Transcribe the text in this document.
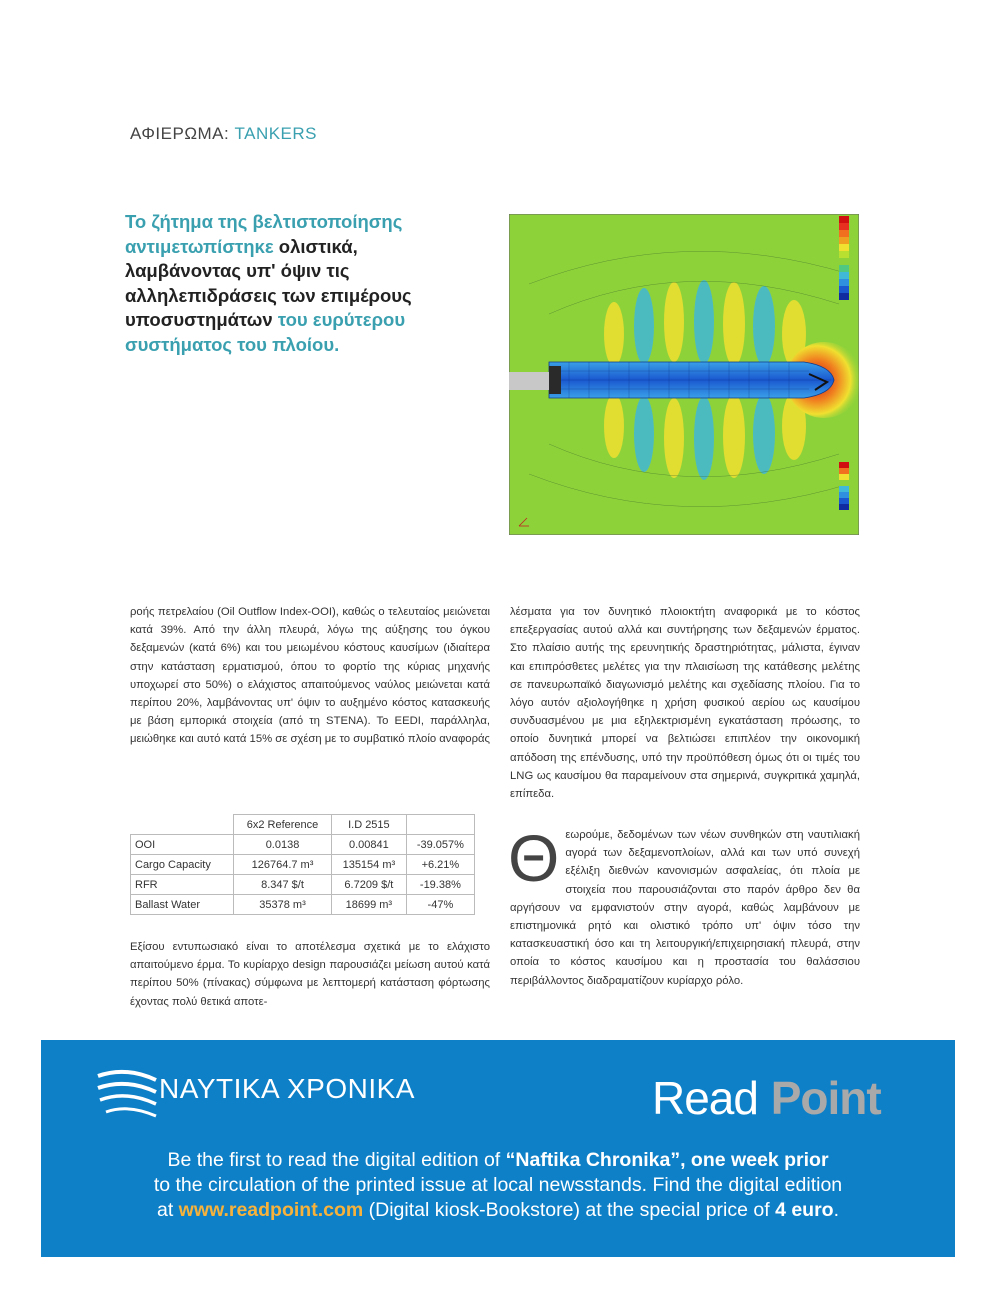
ΑΦΙΕΡΩΜΑ: TANKERS
Το ζήτημα της βελτιστοποίησης αντιμετωπίστηκε ολιστικά, λαμβάνοντας υπ' όψιν τις αλληλεπιδράσεις των επιμέρους υποσυστημάτων του ευρύτερου συστήματος του πλοίου.

ροής πετρελαίου (Oil Outflow Index-OOI), καθώς ο τελευταίος μειώνεται κατά 39%. Από την άλλη πλευρά, λόγω της αύξησης του όγκου δεξαμενών (κατά 6%) και του μειωμένου κόστους καυσίμων (ιδιαίτερα στην κατάσταση ερματισμού, όπου το φορτίο της κύριας μηχανής υποχωρεί στο 50%) ο ελάχιστος απαιτούμενος ναύλος μειώνεται κατά περίπου 20%, λαμβάνοντας υπ' όψιν το αυξημένο κόστος κατασκευής με βάση εμπορικά στοιχεία (από τη STENA). Το EEDI, παράλληλα, μειώθηκε και αυτό κατά 15% σε σχέση με το συμβατικό πλοίο αναφοράς

	6x2 Reference	I.D 2515	
OOI	0.0138	0.00841	-39.057%
Cargo Capacity	126764.7 m³	135154 m³	+6.21%
RFR	8.347 $/t	6.7209 $/t	-19.38%
Ballast Water	35378 m³	18699 m³	-47%

Εξίσου εντυπωσιακό είναι το αποτέλεσμα σχετικά με το ελάχιστο απαιτούμενο έρμα. Το κυρίαρχο design παρουσιάζει μείωση αυτού κατά περίπου 50% (πίνακας) σύμφωνα με λεπτομερή κατάσταση φόρτωσης έχοντας πολύ θετικά αποτε-

λέσματα για τον δυνητικό πλοιοκτήτη αναφορικά με το κόστος επεξεργασίας αυτού αλλά και συντήρησης των δεξαμενών έρματος. Στο πλαίσιο αυτής της ερευνητικής δραστηριότητας, μάλιστα, έγιναν και επιπρόσθετες μελέτες για την πλαισίωση της κατάθεσης μελέτης σε πανευρωπαϊκό διαγωνισμό μελέτης και σχεδίασης πλοίου. Για το λόγο αυτόν αξιολογήθηκε η χρήση φυσικού αερίου ως καυσίμου συνδυασμένου με μια εξηλεκτρισμένη εγκατάσταση πρόωσης, το οποίο δυνητικά μπορεί να βελτιώσει επιπλέον την οικονομική απόδοση της επένδυσης, υπό την προϋπόθεση όμως ότι οι τιμές του LNG ως καυσίμου θα παραμείνουν στα σημερινά, συγκριτικά χαμηλά, επίπεδα.

Θ εωρούμε, δεδομένων των νέων συνθηκών στη ναυτιλιακή αγορά των δεξαμενοπλοίων, αλλά και των υπό συνεχή εξέλιξη διεθνών κανονισμών ασφαλείας, ότι πλοία με στοιχεία που παρουσιάζονται στο παρόν άρθρο δεν θα αργήσουν να εμφανιστούν στην αγορά, καθώς λαμβάνουν με επιστημονικά ρητό και ολιστικό τρόπο υπ' όψιν τόσο την κατασκευαστική όσο και τη λειτουργική/επιχειρησιακή πλευρά, στην οποία το κόστος καυσίμου και η προστασία του θαλάσσιου περιβάλλοντος διαδραματίζουν κυρίαρχο ρόλο.

ΝΑΥΤΙΚΑ ΧΡΟΝΙΚΑ	Read Point
Be the first to read the digital edition of “Naftika Chronika”, one week prior
to the circulation of the printed issue at local newsstands. Find the digital edition
at www.readpoint.com (Digital kiosk-Bookstore) at the special price of 4 euro.
